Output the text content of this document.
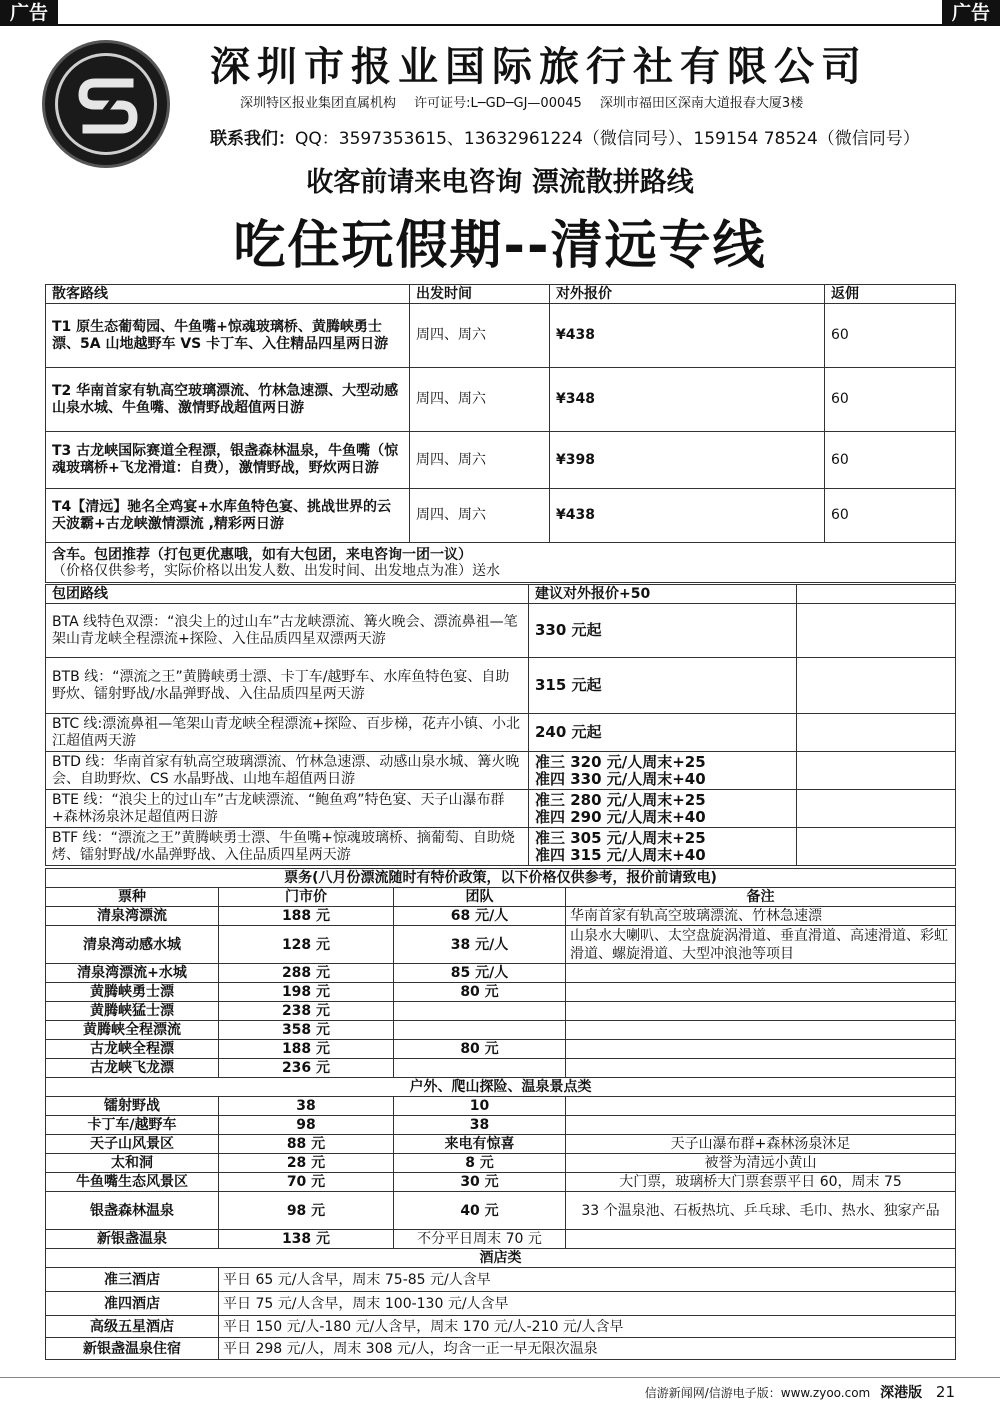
广告	广告
深圳市报业国际旅行社有限公司
深圳特区报业集团直属机构 许可证号:L─GD─GJ—00045 深圳市福田区深南大道报春大厦3楼
联系我们：QQ：3597353615、13632961224（微信同号）、159154 78524（微信同号）
收客前请来电咨询 漂流散拼路线
吃住玩假期--清远专线
散客路线	出发时间	对外报价	返佣
T1 原生态葡萄园、牛鱼嘴+惊魂玻璃桥、黄腾峡勇士漂、5A 山地越野车 VS 卡丁车、入住精品四星两日游	周四、周六	¥438	60
T2 华南首家有轨高空玻璃漂流、竹林急速漂、大型动感山泉水城、牛鱼嘴、激情野战超值两日游	周四、周六	¥348	60
T3 古龙峡国际赛道全程漂，银盏森林温泉，牛鱼嘴（惊魂玻璃桥+飞龙滑道：自费），激情野战，野炊两日游	周四、周六	¥398	60
T4【清远】驰名全鸡宴+水库鱼特色宴、挑战世界的云天波霸+古龙峡激情漂流 ,精彩两日游	周四、周六	¥438	60
含车。包团推荐（打包更优惠哦，如有大包团，来电咨询一团一议）
（价格仅供参考，实际价格以出发人数、出发时间、出发地点为准）送水			
包团路线	建议对外报价+50	
BTA 线特色双漂：“浪尖上的过山车”古龙峡漂流、篝火晚会、漂流鼻祖—笔架山青龙峡全程漂流+探险、入住品质四星双漂两天游	330 元起	
BTB 线：“漂流之王”黄腾峡勇士漂、卡丁车/越野车、水库鱼特色宴、自助野炊、镭射野战/水晶弹野战、入住品质四星两天游	315 元起	
BTC 线:漂流鼻祖—笔架山青龙峡全程漂流+探险、百步梯，花卉小镇、小北江超值两天游	240 元起	
BTD 线：华南首家有轨高空玻璃漂流、竹林急速漂、动感山泉水城、篝火晚会、自助野炊、CS 水晶野战、山地车超值两日游	准三 320 元/人周末+25
准四 330 元/人周末+40	
BTE 线：“浪尖上的过山车”古龙峡漂流、“鲍鱼鸡”特色宴、天子山瀑布群+森林汤泉沐足超值两日游	准三 280 元/人周末+25
准四 290 元/人周末+40	
BTF 线：“漂流之王”黄腾峡勇士漂、牛鱼嘴+惊魂玻璃桥、摘葡萄、自助烧烤、镭射野战/水晶弹野战、入住品质四星两天游	准三 305 元/人周末+25
准四 315 元/人周末+40	
票务(八月份漂流随时有特价政策，以下价格仅供参考，报价前请致电)			
票种	门市价	团队	备注
清泉湾漂流	188 元	68 元/人	华南首家有轨高空玻璃漂流、竹林急速漂
清泉湾动感水城	128 元	38 元/人	山泉水大喇叭、太空盘旋涡滑道、垂直滑道、高速滑道、彩虹滑道、螺旋滑道、大型冲浪池等项目
清泉湾漂流+水城	288 元	85 元/人	
黄腾峡勇士漂	198 元	80 元	
黄腾峡猛士漂	238 元		
黄腾峡全程漂流	358 元		
古龙峡全程漂	188 元	80 元	
古龙峡飞龙漂	236 元		
户外、爬山探险、温泉景点类			
镭射野战	38	10	
卡丁车/越野车	98	38	
天子山风景区	88 元	来电有惊喜	天子山瀑布群+森林汤泉沐足
太和洞	28 元	8 元	被誉为清远小黄山
牛鱼嘴生态风景区	70 元	30 元	大门票，玻璃桥大门票套票平日 60，周末 75
银盏森林温泉	98 元	40 元	33 个温泉池、石板热坑、乒乓球、毛巾、热水、独家产品
新银盏温泉	138 元	不分平日周末 70 元	
酒店类			
准三酒店	平日 65 元/人含早，周末 75-85 元/人含早		
准四酒店	平日 75 元/人含早，周末 100-130 元/人含早		
高级五星酒店	平日 150 元/人-180 元/人含早，周末 170 元/人-210 元/人含早		
新银盏温泉住宿	平日 298 元/人，周末 308 元/人，均含一正一早无限次温泉		
信游新闻网/信游电子版：www.zyoo.com 深港版 21
